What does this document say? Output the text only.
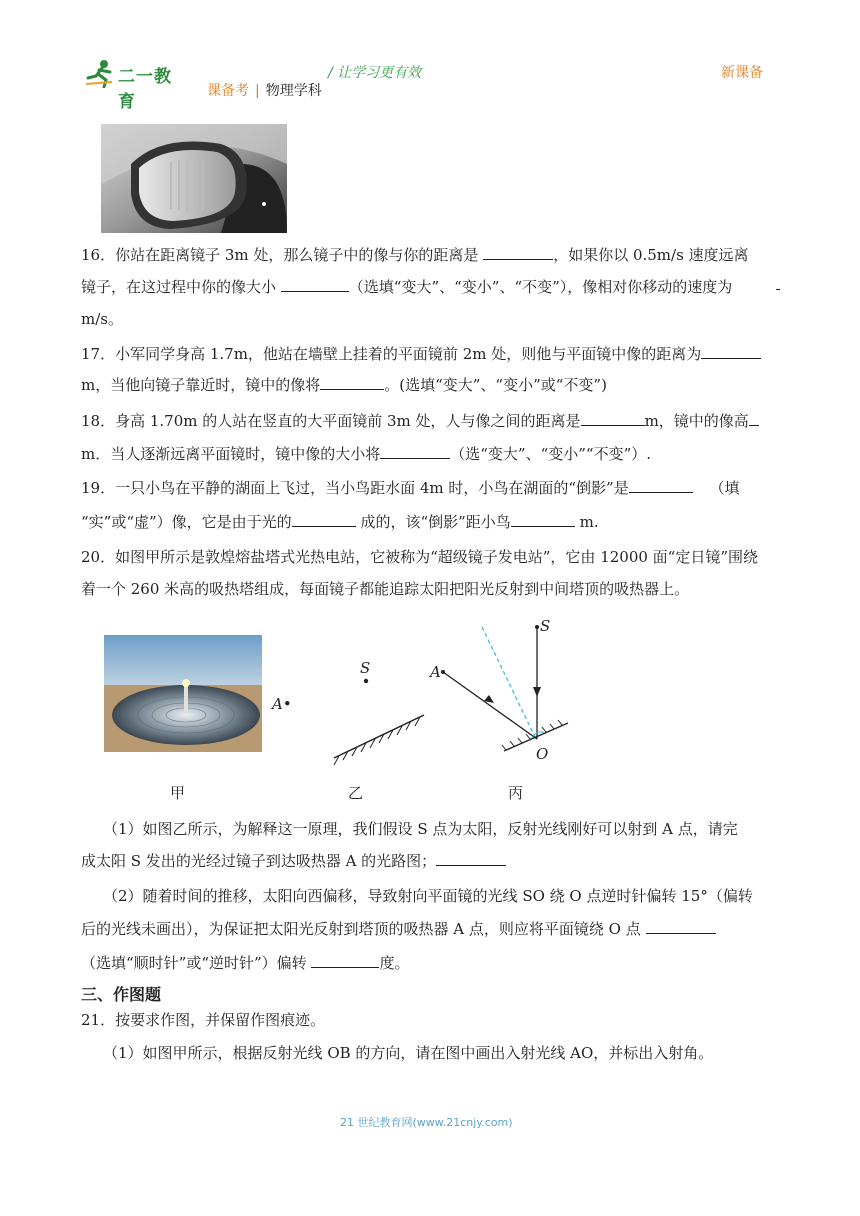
二一教育
/ 让学习更有效	新课备
课备考 | 物理学科
16．你站在距离镜子 3m 处，那么镜子中的像与你的距离是	，如果你以 0.5m/s 速度远离
镜子，在这过程中你的像大小	（选填“变大”、“变小”、“不变”），像相对你移动的速度为
m/s。
17．小军同学身高 1.7m，他站在墙壁上挂着的平面镜前 2m 处，则他与平面镜中像的距离为
m，当他向镜子靠近时，镜中的像将	。(选填“变大”、“变小”或“不变”)
18．身高 1.70m 的人站在竖直的大平面镜前 3m 处，人与像之间的距离是	m，镜中的像高
m．当人逐渐远离平面镜时，镜中像的大小将	（选“变大”、“变小”“不变”）.
19．一只小鸟在平静的湖面上飞过，当小鸟距水面 4m 时，小鸟在湖面的“倒影”是	（填
“实”或“虚”）像，它是由于光的	成的，该“倒影”距小鸟	m.
20．如图甲所示是敦煌熔盐塔式光热电站，它被称为“超级镜子发电站”，它由 12000 面“定日镜”围绕
着一个 260 米高的吸热塔组成，每面镜子都能追踪太阳把阳光反射到中间塔顶的吸热器上。
A•
S
S
A
O
甲	乙	丙
（1）如图乙所示，为解释这一原理，我们假设 S 点为太阳，反射光线刚好可以射到 A 点，请完
成太阳 S 发出的光经过镜子到达吸热器 A 的光路图；
（2）随着时间的推移，太阳向西偏移，导致射向平面镜的光线 SO 绕 O 点逆时针偏转 15°（偏转
后的光线未画出），为保证把太阳光反射到塔顶的吸热器 A 点，则应将平面镜绕 O 点
（选填“顺时针”或“逆时针”）偏转	度。
三、作图题
21．按要求作图，并保留作图痕迹。
（1）如图甲所示，根据反射光线 OB 的方向，请在图中画出入射光线 AO，并标出入射角。
21 世纪教育网(www.21cnjy.com)
